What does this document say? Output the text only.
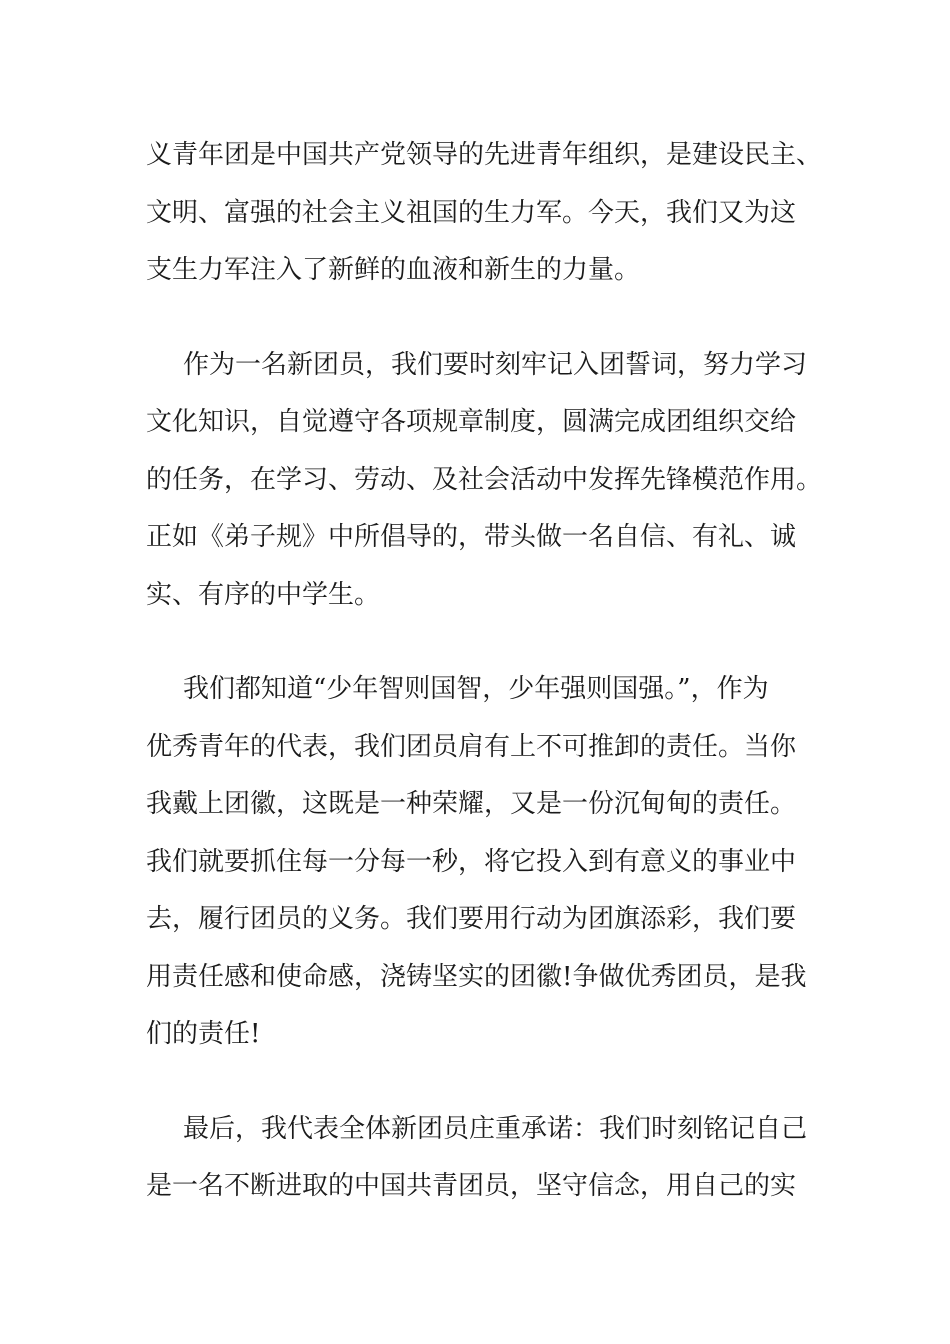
义青年团是中国共产党领导的先进青年组织，是建设民主、
文明、富强的社会主义祖国的生力军。今天，我们又为这
支生力军注入了新鲜的血液和新生的力量。
作为一名新团员，我们要时刻牢记入团誓词，努力学习
文化知识，自觉遵守各项规章制度，圆满完成团组织交给
的任务，在学习、劳动、及社会活动中发挥先锋模范作用。
正如《弟子规》中所倡导的，带头做一名自信、有礼、诚
实、有序的中学生。
我们都知道“少年智则国智，少年强则国强。”，作为
优秀青年的代表，我们团员肩有上不可推卸的责任。当你
我戴上团徽，这既是一种荣耀，又是一份沉甸甸的责任。
我们就要抓住每一分每一秒，将它投入到有意义的事业中
去，履行团员的义务。我们要用行动为团旗添彩，我们要
用责任感和使命感，浇铸坚实的团徽!争做优秀团员，是我
们的责任!
最后，我代表全体新团员庄重承诺：我们时刻铭记自己
是一名不断进取的中国共青团员，坚守信念，用自己的实
